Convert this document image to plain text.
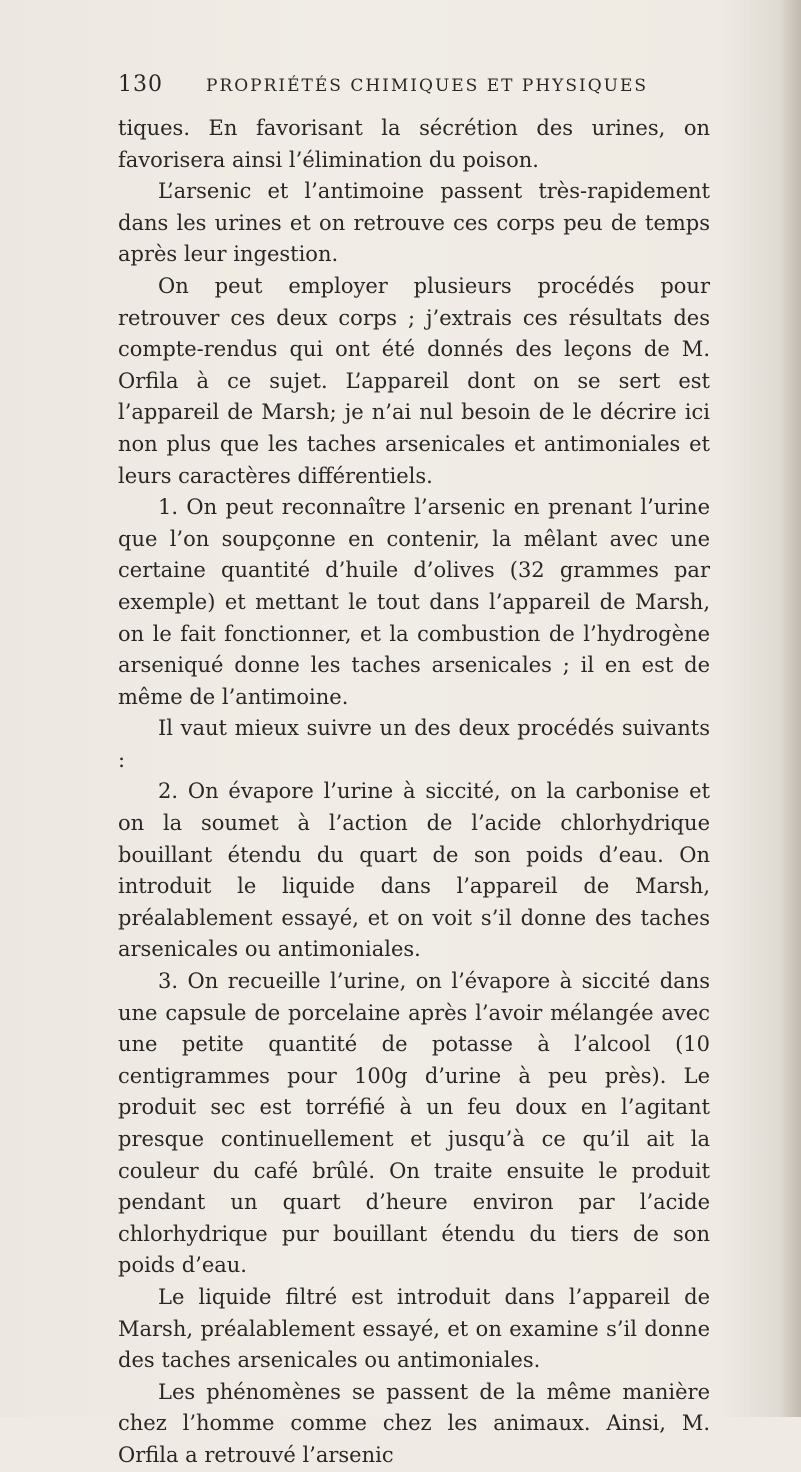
130	PROPRIÉTÉS CHIMIQUES ET PHYSIQUES

tiques. En favorisant la sécrétion des urines, on favorisera ainsi l’élimination du poison.

L’arsenic et l’antimoine passent très-rapidement dans les urines et on retrouve ces corps peu de temps après leur ingestion.

On peut employer plusieurs procédés pour retrouver ces deux corps ; j’extrais ces résultats des compte-rendus qui ont été donnés des leçons de M. Orfila à ce sujet. L’appareil dont on se sert est l’appareil de Marsh; je n’ai nul besoin de le décrire ici non plus que les taches arsenicales et antimoniales et leurs caractères différentiels.

1. On peut reconnaître l’arsenic en prenant l’urine que l’on soupçonne en contenir, la mêlant avec une certaine quantité d’huile d’olives (32 grammes par exemple) et mettant le tout dans l’appareil de Marsh, on le fait fonctionner, et la combustion de l’hydrogène arseniqué donne les taches arsenicales ; il en est de même de l’antimoine.

Il vaut mieux suivre un des deux procédés suivants :

2. On évapore l’urine à siccité, on la carbonise et on la soumet à l’action de l’acide chlorhydrique bouillant étendu du quart de son poids d’eau. On introduit le liquide dans l’appareil de Marsh, préalablement essayé, et on voit s’il donne des taches arsenicales ou antimoniales.

3. On recueille l’urine, on l’évapore à siccité dans une capsule de porcelaine après l’avoir mélangée avec une petite quantité de potasse à l’alcool (10 centigrammes pour 100g d’urine à peu près). Le produit sec est torréfié à un feu doux en l’agitant presque continuellement et jusqu’à ce qu’il ait la couleur du café brûlé. On traite ensuite le produit pendant un quart d’heure environ par l’acide chlorhydrique pur bouillant étendu du tiers de son poids d’eau.

Le liquide filtré est introduit dans l’appareil de Marsh, préalablement essayé, et on examine s’il donne des taches arsenicales ou antimoniales.

Les phénomènes se passent de la même manière chez l’homme comme chez les animaux. Ainsi, M. Orfila a retrouvé l’arsenic
